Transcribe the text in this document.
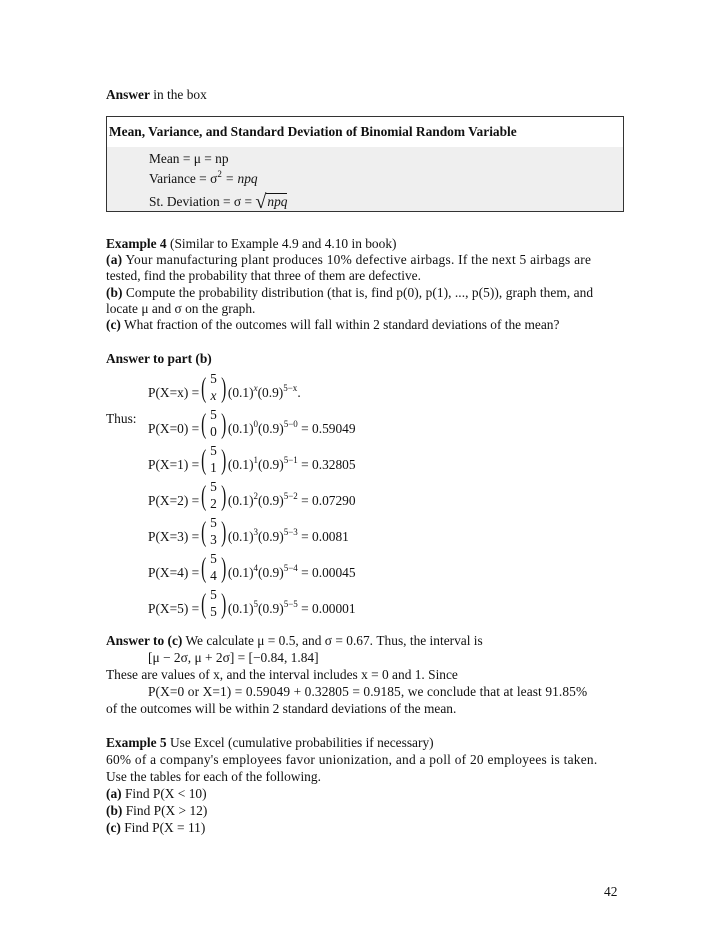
Answer in the box
Mean, Variance, and Standard Deviation of Binomial Random Variable
Mean = μ = np
Variance = $\sigma^2$ = npq
St. Deviation = σ = √npq
Example 4 (Similar to Example 4.9 and 4.10 in book)
(a) Your manufacturing plant produces 10% defective airbags. If the next 5 airbags are
tested, find the probability that three of them are defective.
(b) Compute the probability distribution (that is, find p(0), p(1), ..., p(5)), graph them, and
locate μ and σ on the graph.
(c) What fraction of the outcomes will fall within 2 standard deviations of the mean?
Answer to part (b)
P(X=x) =
( 5
x ) $(0.1)^x(0.9)^{5-x}$.
Thus:
P(X=0) =
( 5
0 )
$(0.1)^0(0.9)^{5-0} = 0.59049$
P(X=1) =
( 5
1 )
$(0.1)^1(0.9)^{5-1} = 0.32805$
P(X=2) =
( 5
2 )
$(0.1)^2(0.9)^{5-2} = 0.07290$
P(X=3) =
( 5
3 )
$(0.1)^3(0.9)^{5-3} = 0.0081$
P(X=4) =
( 5
4 )
$(0.1)^4(0.9)^{5-4} = 0.00045$
P(X=5) =
( 5
5 )
$(0.1)^5(0.9)^{5-5} = 0.00001$
Answer to (c) We calculate μ = 0.5, and σ = 0.67. Thus, the interval is
[μ − 2σ, μ + 2σ] = [−0.84, 1.84]
These are values of x, and the interval includes x = 0 and 1. Since
P(X=0 or X=1) = 0.59049 + 0.32805 = 0.9185, we conclude that at least 91.85%
of the outcomes will be within 2 standard deviations of the mean.
Example 5 Use Excel (cumulative probabilities if necessary)
60% of a company's employees favor unionization, and a poll of 20 employees is taken.
Use the tables for each of the following.
(a) Find P(X < 10)
(b) Find P(X > 12)
(c) Find P(X = 11)
42
